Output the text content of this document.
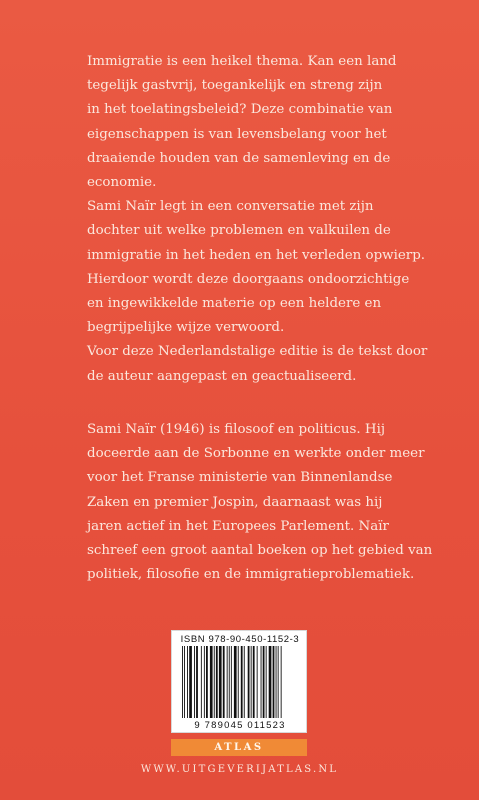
Immigratie is een heikel thema. Kan een land
tegelijk gastvrij, toegankelijk en streng zijn
in het toelatingsbeleid? Deze combinatie van
eigenschappen is van levensbelang voor het
draaiende houden van de samenleving en de
economie.
Sami Naïr legt in een conversatie met zijn
dochter uit welke problemen en valkuilen de
immigratie in het heden en het verleden opwierp.
Hierdoor wordt deze doorgaans ondoorzichtige
en ingewikkelde materie op een heldere en
begrijpelijke wijze verwoord.
Voor deze Nederlandstalige editie is de tekst door
de auteur aangepast en geactualiseerd.
Sami Naïr (1946) is filosoof en politicus. Hij
doceerde aan de Sorbonne en werkte onder meer
voor het Franse ministerie van Binnenlandse
Zaken en premier Jospin, daarnaast was hij
jaren actief in het Europees Parlement. Naïr
schreef een groot aantal boeken op het gebied van
politiek, filosofie en de immigratieproblematiek.
ISBN 978-90-450-1152-3
9 789045 011523
ATLAS
WWW.UITGEVERIJATLAS.NL
